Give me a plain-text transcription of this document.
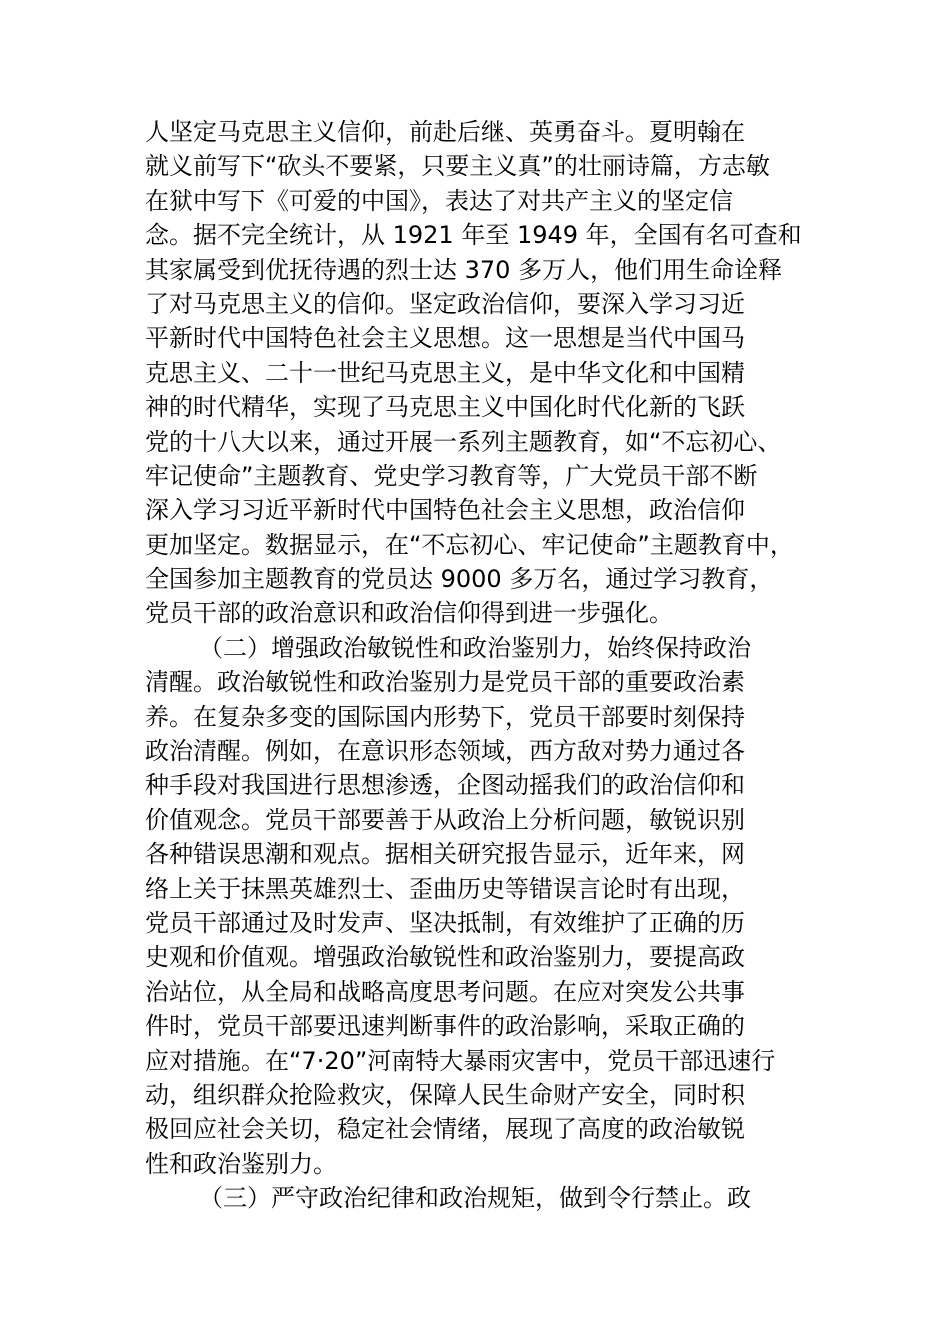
人坚定马克思主义信仰，前赴后继、英勇奋斗。夏明翰在
就义前写下“砍头不要紧，只要主义真”的壮丽诗篇，方志敏
在狱中写下《可爱的中国》，表达了对共产主义的坚定信
念。据不完全统计，从 1921 年至 1949 年，全国有名可查和
其家属受到优抚待遇的烈士达 370 多万人，他们用生命诠释
了对马克思主义的信仰。坚定政治信仰，要深入学习习近
平新时代中国特色社会主义思想。这一思想是当代中国马
克思主义、二十一世纪马克思主义，是中华文化和中国精
神的时代精华，实现了马克思主义中国化时代化新的飞跃
党的十八大以来，通过开展一系列主题教育，如“不忘初心、
牢记使命”主题教育、党史学习教育等，广大党员干部不断
深入学习习近平新时代中国特色社会主义思想，政治信仰
更加坚定。数据显示，在“不忘初心、牢记使命”主题教育中，
全国参加主题教育的党员达 9000 多万名，通过学习教育，
党员干部的政治意识和政治信仰得到进一步强化。
（二）增强政治敏锐性和政治鉴别力，始终保持政治
清醒。政治敏锐性和政治鉴别力是党员干部的重要政治素
养。在复杂多变的国际国内形势下，党员干部要时刻保持
政治清醒。例如，在意识形态领域，西方敌对势力通过各
种手段对我国进行思想渗透，企图动摇我们的政治信仰和
价值观念。党员干部要善于从政治上分析问题，敏锐识别
各种错误思潮和观点。据相关研究报告显示，近年来，网
络上关于抹黑英雄烈士、歪曲历史等错误言论时有出现，
党员干部通过及时发声、坚决抵制，有效维护了正确的历
史观和价值观。增强政治敏锐性和政治鉴别力，要提高政
治站位，从全局和战略高度思考问题。在应对突发公共事
件时，党员干部要迅速判断事件的政治影响，采取正确的
应对措施。在“7·20”河南特大暴雨灾害中，党员干部迅速行
动，组织群众抢险救灾，保障人民生命财产安全，同时积
极回应社会关切，稳定社会情绪，展现了高度的政治敏锐
性和政治鉴别力。
（三）严守政治纪律和政治规矩，做到令行禁止。政
